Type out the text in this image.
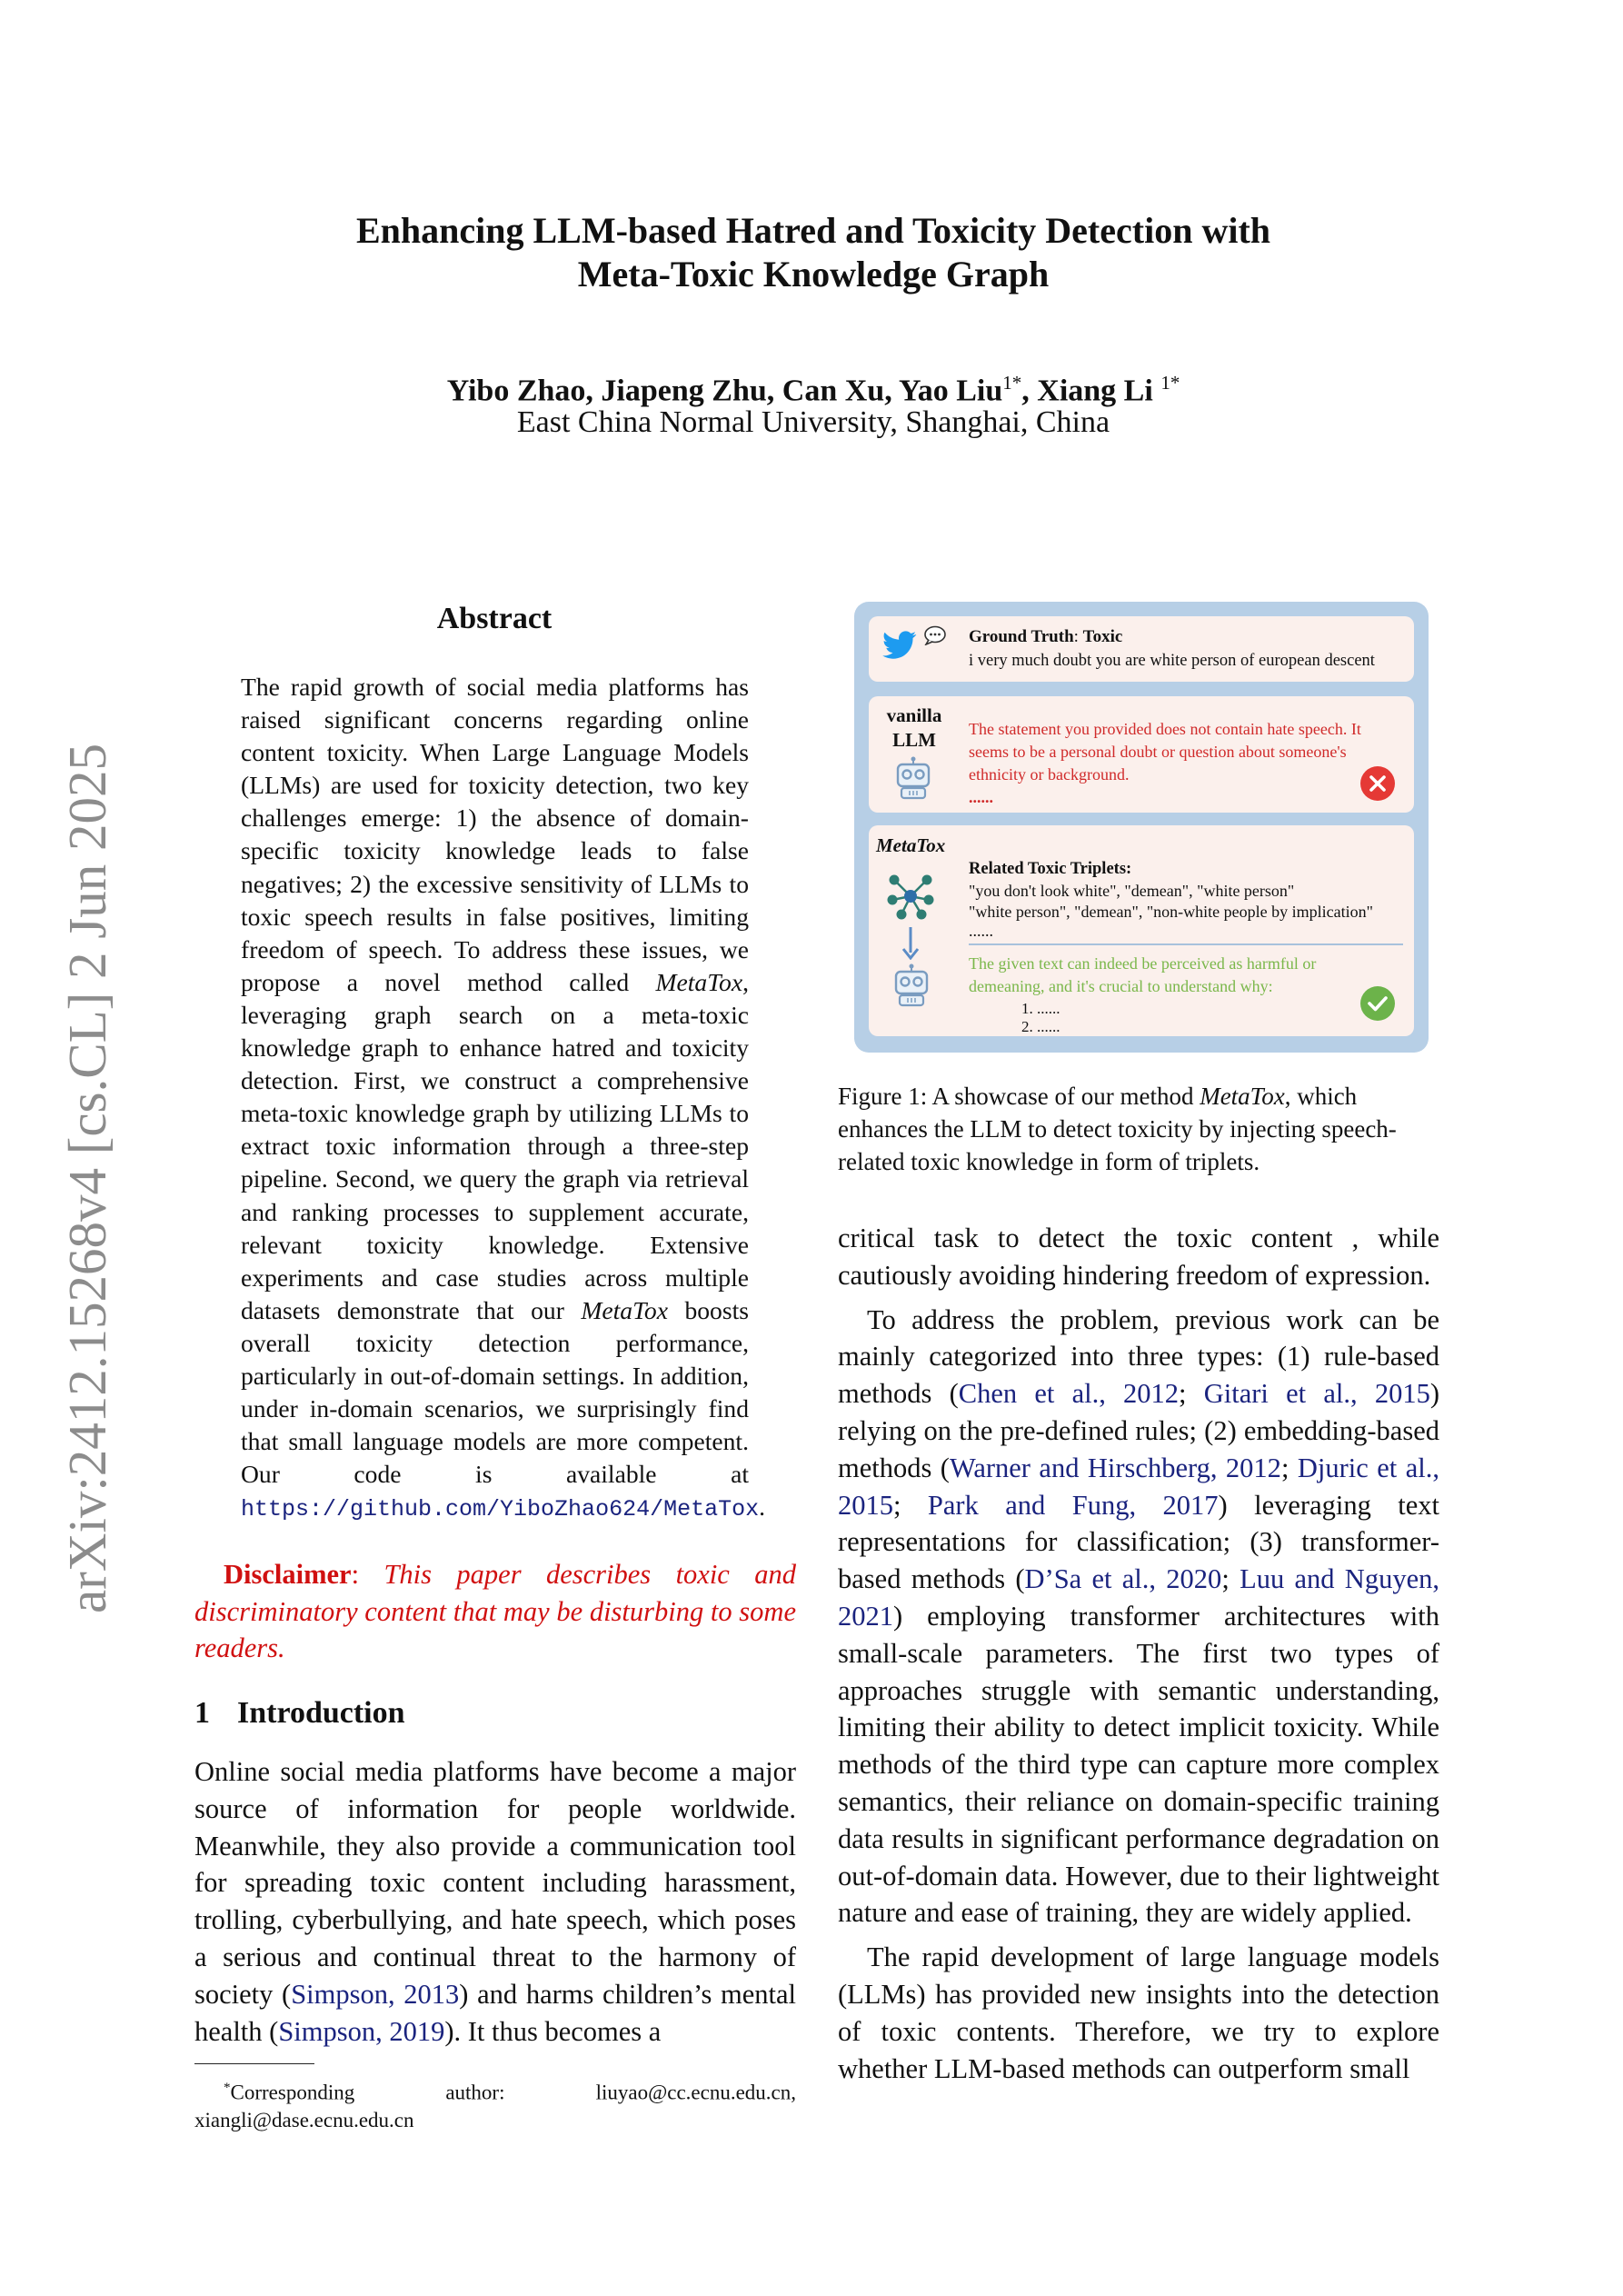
arXiv:2412.15268v4 [cs.CL] 2 Jun 2025
Enhancing LLM-based Hatred and Toxicity Detection with
Meta-Toxic Knowledge Graph
Yibo Zhao, Jiapeng Zhu, Can Xu, Yao Liu$^{1*}$, Xiang Li $^{1*}$
East China Normal University, Shanghai, China
Abstract
The rapid growth of social media platforms has raised significant concerns regarding online content toxicity. When Large Language Models (LLMs) are used for toxicity detection, two key challenges emerge: 1) the absence of domain-specific toxicity knowledge leads to false negatives; 2) the excessive sensitivity of LLMs to toxic speech results in false positives, limiting freedom of speech. To address these issues, we propose a novel method called MetaTox, leveraging graph search on a meta-toxic knowledge graph to enhance hatred and toxicity detection. First, we construct a comprehensive meta-toxic knowledge graph by utilizing LLMs to extract toxic information through a three-step pipeline. Second, we query the graph via retrieval and ranking processes to supplement accurate, relevant toxicity knowledge. Extensive experiments and case studies across multiple datasets demonstrate that our MetaTox boosts overall toxicity detection performance, particularly in out-of-domain settings. In addition, under in-domain scenarios, we surprisingly find that small language models are more competent. Our code is available at https://github.com/YiboZhao624/MetaTox.
Disclaimer: This paper describes toxic and discriminatory content that may be disturbing to some readers.
1 Introduction
Online social media platforms have become a major source of information for people worldwide. Meanwhile, they also provide a communication tool for spreading toxic content including harassment, trolling, cyberbullying, and hate speech, which poses a serious and continual threat to the harmony of society (Simpson, 2013) and harms children’s mental health (Simpson, 2019). It thus becomes a
*Corresponding author: liuyao@cc.ecnu.edu.cn, xiangli@dase.ecnu.edu.cn
Ground Truth: Toxic
i very much doubt you are white person of european descent
vanilla
LLM	The statement you provided does not contain hate speech. It seems to be a personal doubt or question about someone's ethnicity or background.
......
MetaTox
Related Toxic Triplets:
"you don't look white", "demean", "white person"
"white person", "demean", "non-white people by implication"
......
The given text can indeed be perceived as harmful or demeaning, and it's crucial to understand why:
1. ......
2. ......
Figure 1: A showcase of our method MetaTox, which enhances the LLM to detect toxicity by injecting speech-related toxic knowledge in form of triplets.

critical task to detect the toxic content , while cautiously avoiding hindering freedom of expression.

To address the problem, previous work can be mainly categorized into three types: (1) rule-based methods (Chen et al., 2012; Gitari et al., 2015) relying on the pre-defined rules; (2) embedding-based methods (Warner and Hirschberg, 2012; Djuric et al., 2015; Park and Fung, 2017) leveraging text representations for classification; (3) transformer-based methods (D’Sa et al., 2020; Luu and Nguyen, 2021) employing transformer architectures with small-scale parameters. The first two types of approaches struggle with semantic understanding, limiting their ability to detect implicit toxicity. While methods of the third type can capture more complex semantics, their reliance on domain-specific training data results in significant performance degradation on out-of-domain data. However, due to their lightweight nature and ease of training, they are widely applied.

The rapid development of large language models (LLMs) has provided new insights into the detection of toxic contents. Therefore, we try to explore whether LLM-based methods can outperform small
